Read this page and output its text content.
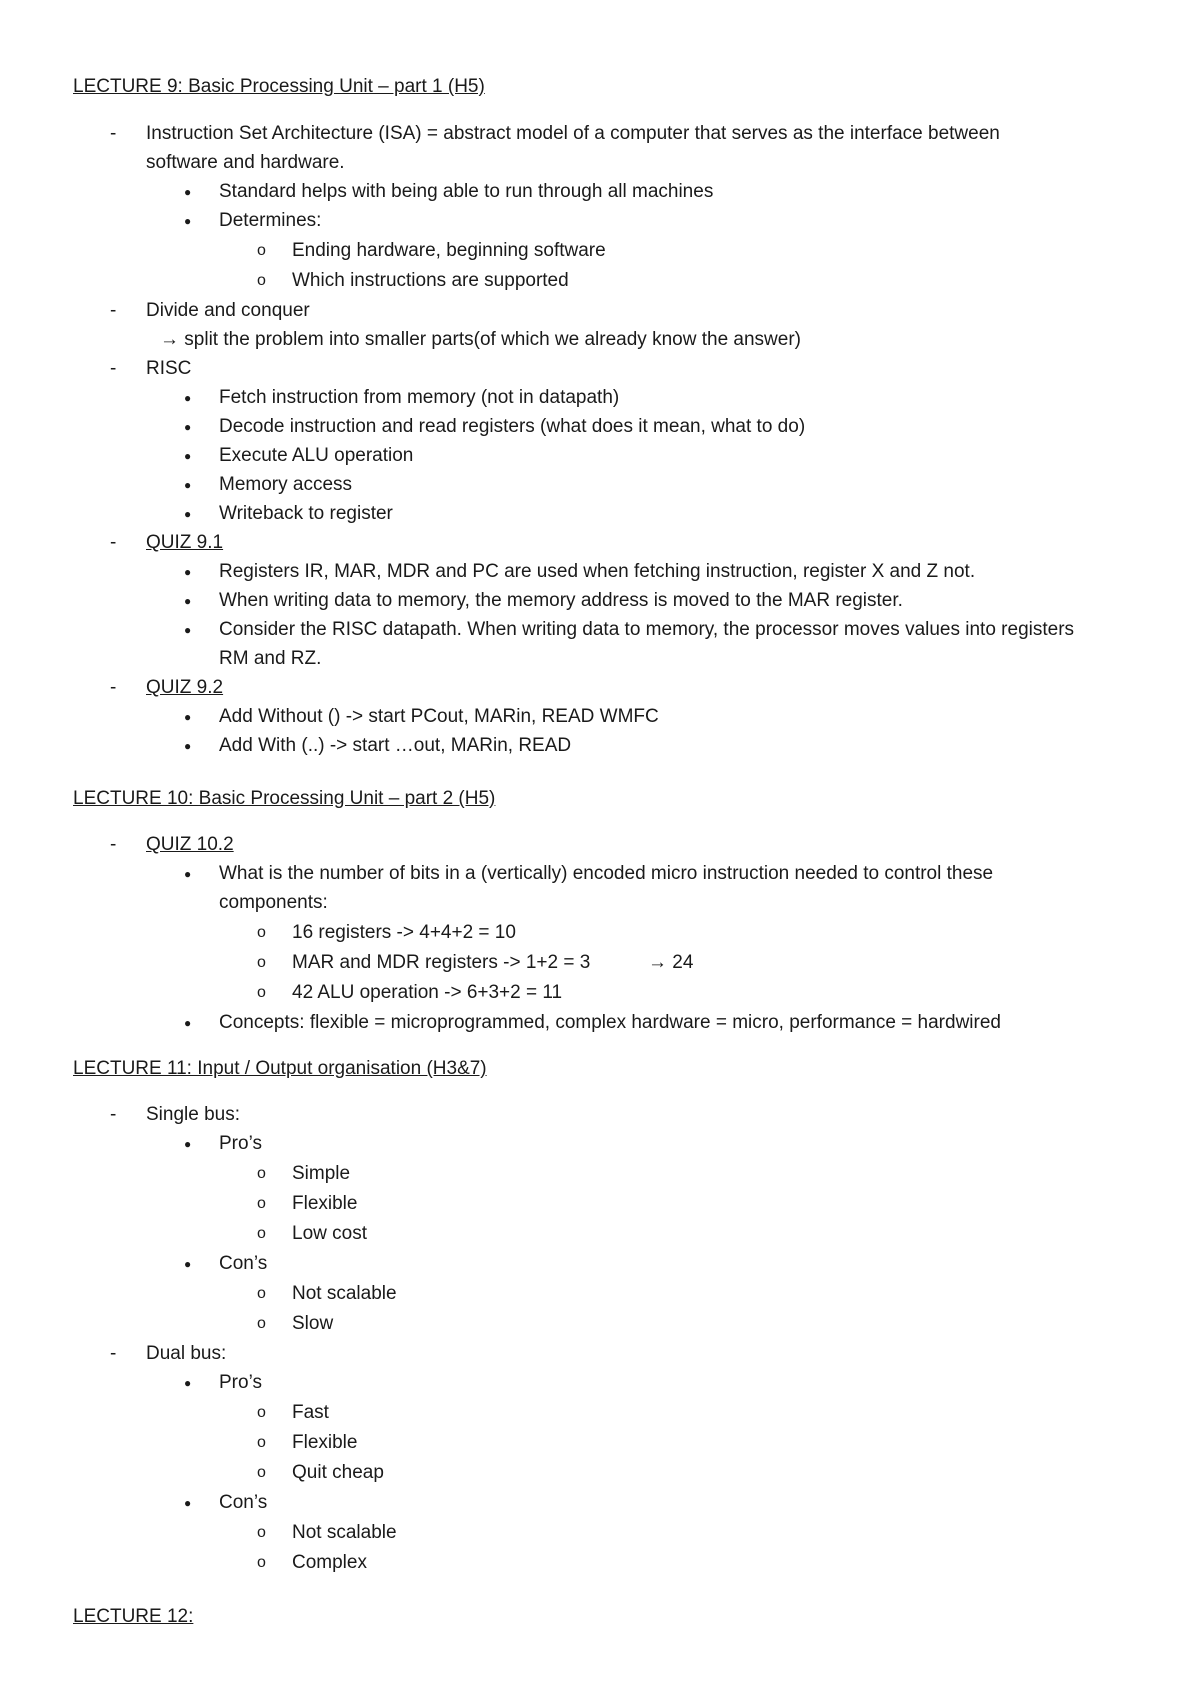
LECTURE 9: Basic Processing Unit – part 1 (H5)
- Instruction Set Architecture (ISA) = abstract model of a computer that serves as the interface between
software and hardware.
● Standard helps with being able to run through all machines
● Determines:
o Ending hardware, beginning software
o Which instructions are supported
- Divide and conquer
→ split the problem into smaller parts(of which we already know the answer)
- RISC
● Fetch instruction from memory (not in datapath)
● Decode instruction and read registers (what does it mean, what to do)
● Execute ALU operation
● Memory access
● Writeback to register
- QUIZ 9.1
● Registers IR, MAR, MDR and PC are used when fetching instruction, register X and Z not.
● When writing data to memory, the memory address is moved to the MAR register.
● Consider the RISC datapath. When writing data to memory, the processor moves values into registers
RM and RZ.
- QUIZ 9.2
● Add Without () -> start PCout, MARin, READ WMFC
● Add With (..) -> start …out, MARin, READ
LECTURE 10: Basic Processing Unit – part 2 (H5)
- QUIZ 10.2
● What is the number of bits in a (vertically) encoded micro instruction needed to control these
components:
o 16 registers -> 4+4+2 = 10
o MAR and MDR registers -> 1+2 = 3	→ 24
o 42 ALU operation -> 6+3+2 = 11
● Concepts: flexible = microprogrammed, complex hardware = micro, performance = hardwired
LECTURE 11: Input / Output organisation (H3&7)
- Single bus:
● Pro’s
o Simple
o Flexible
o Low cost
● Con’s
o Not scalable
o Slow
- Dual bus:
● Pro’s
o Fast
o Flexible
o Quit cheap
● Con’s
o Not scalable
o Complex
LECTURE 12:
